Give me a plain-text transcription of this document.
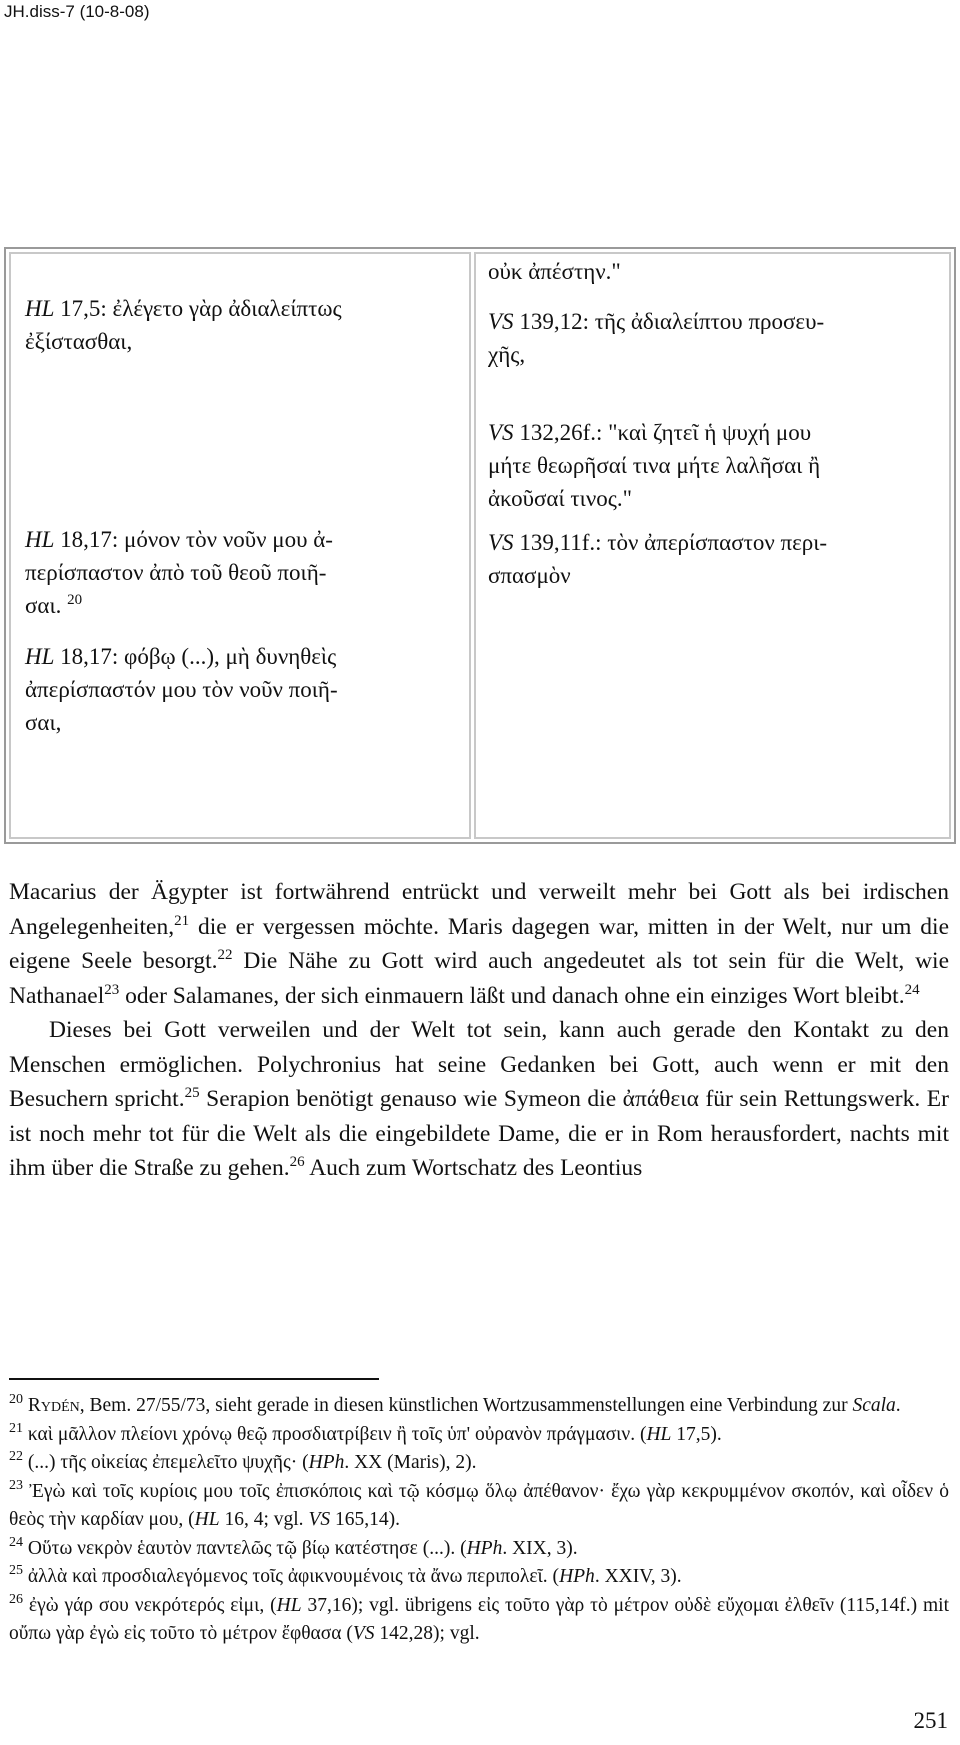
JH.diss-7 (10-8-08)
HL 17,5: ἐλέγετο γὰρ ἀδιαλείπτως
ἐξίστασθαι,
HL 18,17: μόνον τὸν νοῦν μου ἀ-
περίσπαστον ἀπὸ τοῦ θεοῦ ποιῆ-
σαι. $^{20}$
HL 18,17: φόβῳ (...), μὴ δυνηθεὶς
ἀπερίσπαστόν μου τὸν νοῦν ποιῆ-
σαι,

οὐκ ἀπέστην."
VS 139,12: τῆς ἀδιαλείπτου προσευ-
χῆς,
VS 132,26f.: "καὶ ζητεῖ ἡ ψυχή μου
μήτε θεωρῆσαί τινα μήτε λαλῆσαι ἢ
ἀκοῦσαί τινος."
VS 139,11f.: τὸν ἀπερίσπαστον περι-
σπασμὸν

Macarius der Ägypter ist fortwährend entrückt und verweilt mehr bei Gott als bei irdischen Angelegenheiten,$^{21}$ die er vergessen möchte. Maris dagegen war, mitten in der Welt, nur um die eigene Seele besorgt.$^{22}$ Die Nähe zu Gott wird auch angedeutet als tot sein für die Welt, wie Nathanael$^{23}$ oder Salamanes, der sich einmauern läßt und danach ohne ein einziges Wort bleibt.$^{24}$

Dieses bei Gott verweilen und der Welt tot sein, kann auch gerade den Kontakt zu den Menschen ermöglichen. Polychronius hat seine Gedanken bei Gott, auch wenn er mit den Besuchern spricht.$^{25}$ Serapion benötigt genauso wie Symeon die ἀπάθεια für sein Rettungswerk. Er ist noch mehr tot für die Welt als die eingebildete Dame, die er in Rom herausfordert, nachts mit ihm über die Straße zu gehen.$^{26}$ Auch zum Wortschatz des Leontius

$^{20}$ Rydén, Bem. 27/55/73, sieht gerade in diesen künstlichen Wortzusammenstellungen eine Verbindung zur Scala.

$^{21}$ καὶ μᾶλλον πλείονι χρόνῳ θεῷ προσδιατρίβειν ἢ τοῖς ὑπ' οὐρανὸν πράγμασιν. (HL 17,5).

$^{22}$ (...) τῆς οἰκείας ἐπεμελεῖτο ψυχῆς· (HPh. XX (Maris), 2).

$^{23}$ Ἐγὼ καὶ τοῖς κυρίοις μου τοῖς ἐπισκόποις καὶ τῷ κόσμῳ ὅλῳ ἀπέθανον· ἔχω γὰρ κεκρυμμένον σκοπόν, καὶ οἶδεν ὁ θεὸς τὴν καρδίαν μου, (HL 16, 4; vgl. VS 165,14).

$^{24}$ Οὕτω νεκρὸν ἑαυτὸν παντελῶς τῷ βίῳ κατέστησε (...). (HPh. XIX, 3).

$^{25}$ ἀλλὰ καὶ προσδιαλεγόμενος τοῖς ἀφικνουμένοις τὰ ἄνω περιπολεῖ. (HPh. XXIV, 3).

$^{26}$ ἐγὼ γάρ σου νεκρότερός εἰμι, (HL 37,16); vgl. übrigens εἰς τοῦτο γὰρ τὸ μέτρον οὐδὲ εὔχομαι ἐλθεῖν (115,14f.) mit οὔπω γὰρ ἐγὼ εἰς τοῦτο τὸ μέτρον ἔφθασα (VS 142,28); vgl.

251
